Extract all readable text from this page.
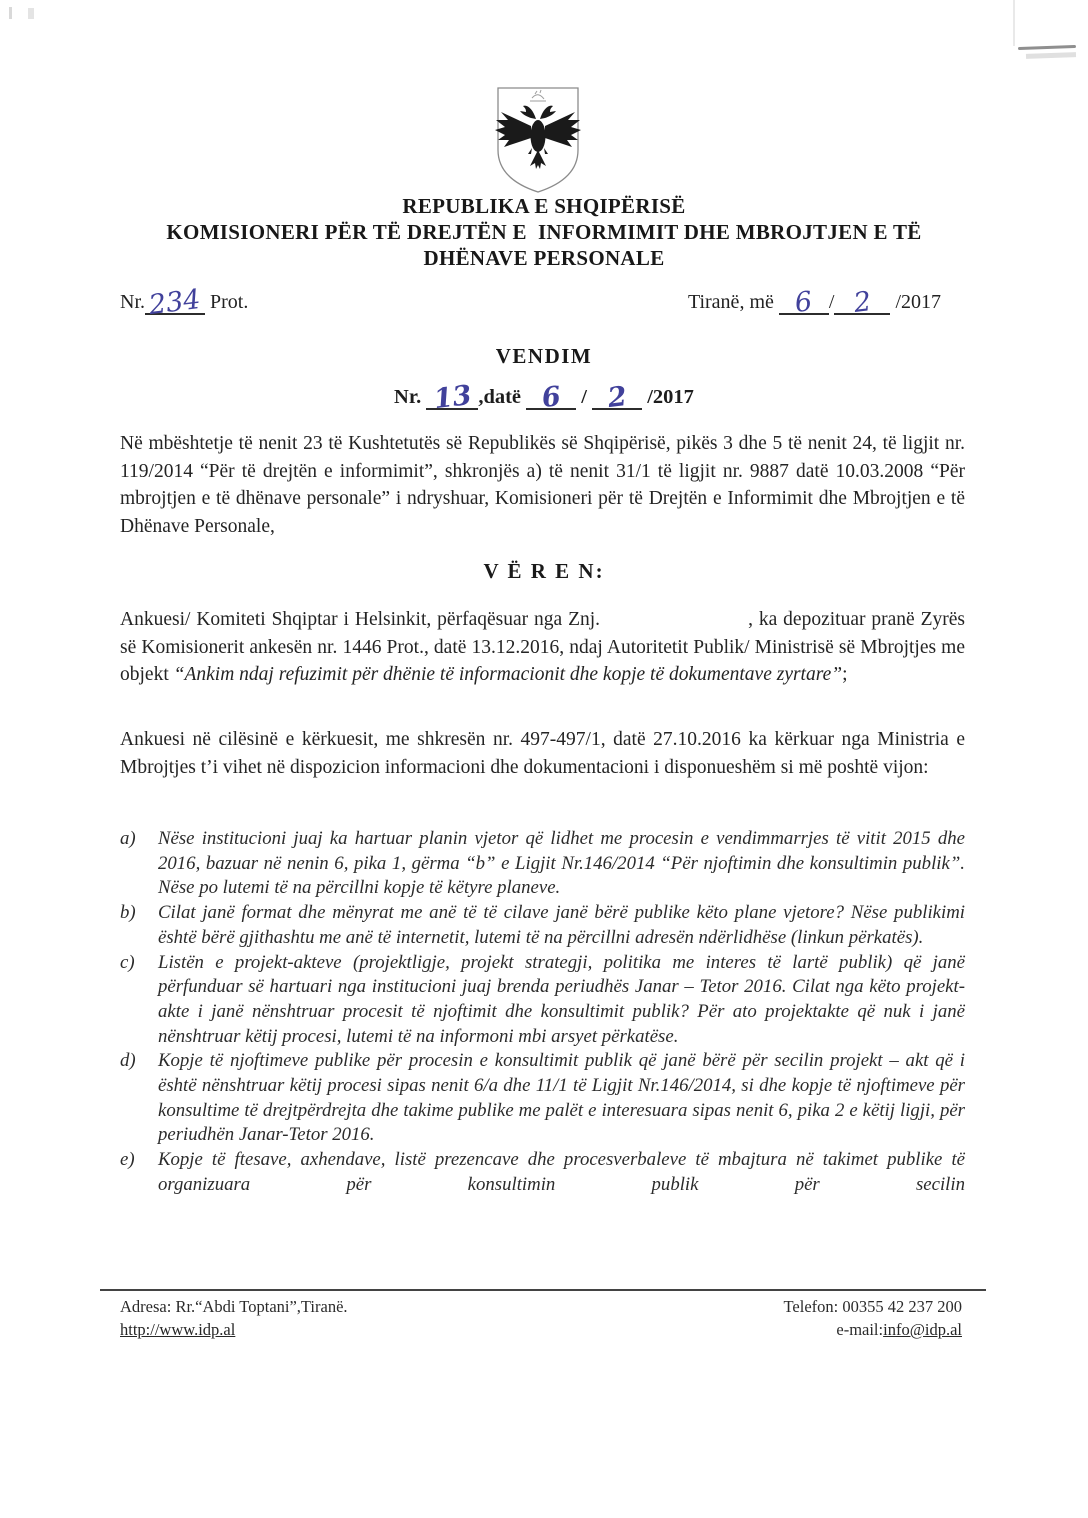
REPUBLIKA E SHQIPËRISË
KOMISIONERI PËR TË DREJTËN E  INFORMIMIT DHE MBROJTJEN E TË
DHËNAVE PERSONALE
Nr.234 Prot.	Tiranë, më 6 / 2 /2017
VENDIM
Nr. 13 ,datë 6 / 2 /2017

Në mbështetje të nenit 23 të Kushtetutës së Republikës së Shqipërisë, pikës 3 dhe 5 të nenit 24, të ligjit nr. 119/2014 “Për të drejtën e informimit”, shkronjës a) të nenit 31/1 të ligjit nr. 9887 datë 10.03.2008 “Për mbrojtjen e të dhënave personale” i ndryshuar, Komisioneri për të Drejtën e Informimit dhe Mbrojtjen e të Dhënave Personale,

V Ë R E N:

Ankuesi/ Komiteti Shqiptar i Helsinkit, përfaqësuar nga Znj.	, ka depozituar pranë Zyrës së Komisionerit ankesën nr. 1446 Prot., datë 13.12.2016, ndaj Autoritetit Publik/ Ministrisë së Mbrojtjes me objekt “Ankim ndaj refuzimit për dhënie të informacionit dhe kopje të dokumentave zyrtare”;

Ankuesi në cilësinë e kërkuesit, me shkresën nr. 497-497/1, datë 27.10.2016 ka kërkuar nga Ministria e Mbrojtjes t’i vihet në dispozicion informacioni dhe dokumentacioni i disponueshëm si më poshtë vijon:

a) Nëse institucioni juaj ka hartuar planin vjetor që lidhet me procesin e vendimmarrjes të vitit 2015 dhe 2016, bazuar në nenin 6, pika 1, gërma “b” e Ligjit Nr.146/2014 “Për njoftimin dhe konsultimin publik”. Nëse po lutemi të na përcillni kopje të këtyre planeve.
b) Cilat janë format dhe mënyrat me anë të të cilave janë bërë publike këto plane vjetore? Nëse publikimi është bërë gjithashtu me anë të internetit, lutemi të na përcillni adresën ndërlidhëse (linkun përkatës).
c) Listën e projekt-akteve (projektligje, projekt strategji, politika me interes të lartë publik) që janë përfunduar së hartuari nga institucioni juaj brenda periudhës Janar – Tetor 2016. Cilat nga këto projekt-akte i janë nënshtruar procesit të njoftimit dhe konsultimit publik? Për ato projektakte që nuk i janë nënshtruar këtij procesi, lutemi të na informoni mbi arsyet përkatëse.
d) Kopje të njoftimeve publike për procesin e konsultimit publik që janë bërë për secilin projekt – akt që i është nënshtruar këtij procesi sipas nenit 6/a dhe 11/1 të Ligjit Nr.146/2014, si dhe kopje të njoftimeve për konsultime të drejtpërdrejta dhe takime publike me palët e interesuara sipas nenit 6, pika 2 e këtij ligji, për periudhën Janar-Tetor 2016.
e) Kopje të ftesave, axhendave, listë prezencave dhe procesverbaleve të mbajtura në takimet publike të organizuara për konsultimin publik për secilin
Adresa: Rr.“Abdi Toptani”,Tiranë.
http://www.idp.al
Telefon: 00355 42 237 200
e-mail:info@idp.al
